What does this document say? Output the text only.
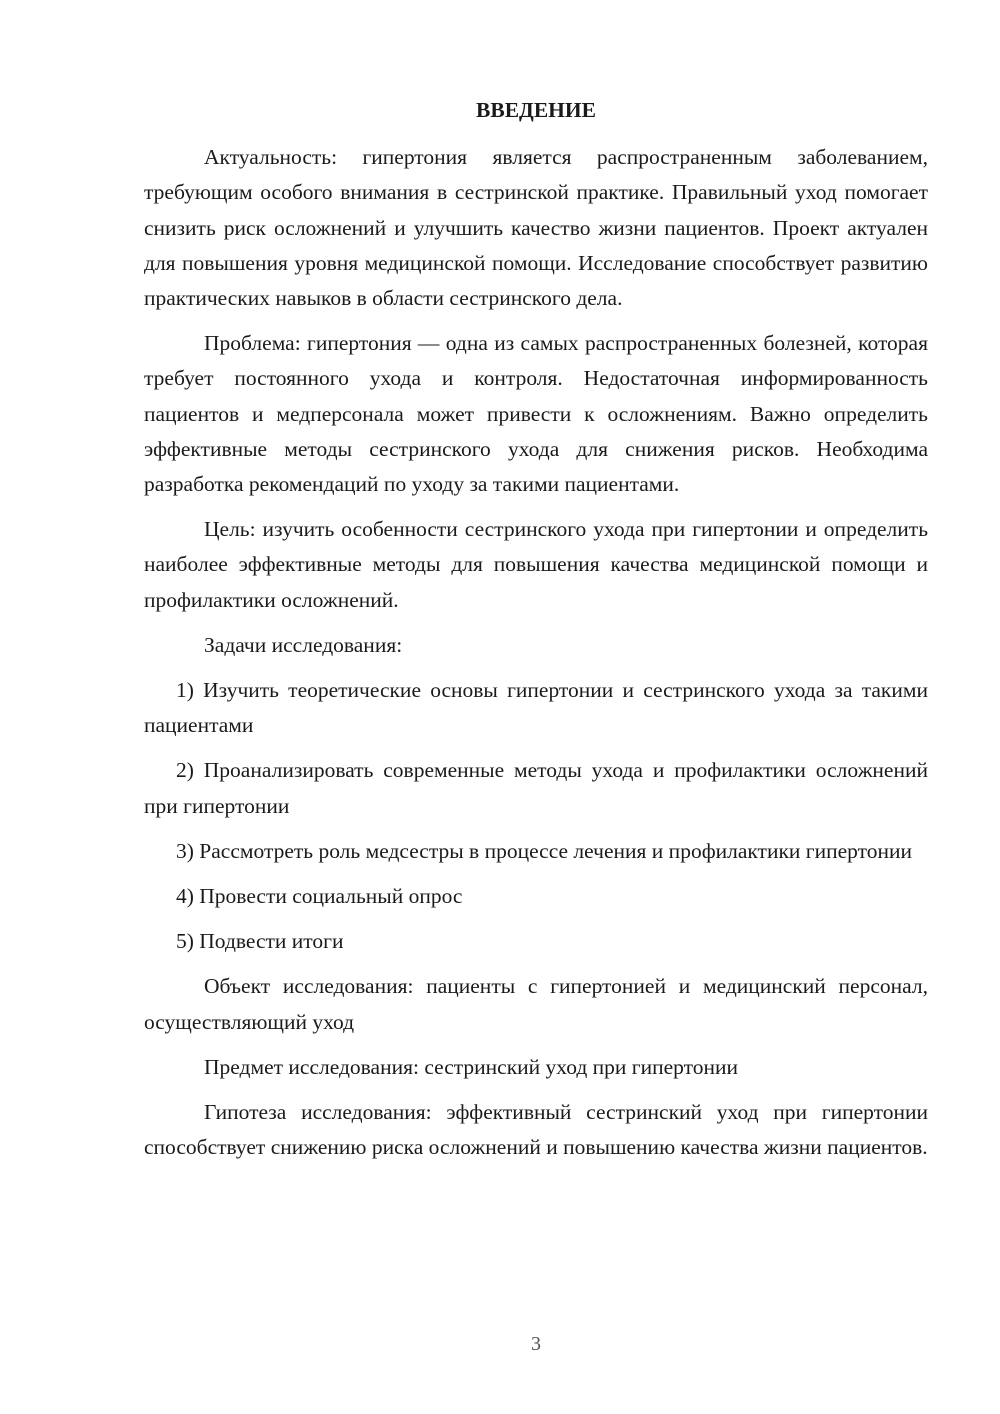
ВВЕДЕНИЕ

Актуальность: гипертония является распространенным заболеванием, требующим особого внимания в сестринской практике. Правильный уход помогает снизить риск осложнений и улучшить качество жизни пациентов. Проект актуален для повышения уровня медицинской помощи. Исследование способствует развитию практических навыков в области сестринского дела.

Проблема: гипертония — одна из самых распространенных болезней, которая требует постоянного ухода и контроля. Недостаточная информированность пациентов и медперсонала может привести к осложнениям. Важно определить эффективные методы сестринского ухода для снижения рисков. Необходима разработка рекомендаций по уходу за такими пациентами.

Цель: изучить особенности сестринского ухода при гипертонии и определить наиболее эффективные методы для повышения качества медицинской помощи и профилактики осложнений.

Задачи исследования:

1) Изучить теоретические основы гипертонии и сестринского ухода за такими пациентами

2) Проанализировать современные методы ухода и профилактики осложнений при гипертонии

3) Рассмотреть роль медсестры в процессе лечения и профилактики гипертонии

4) Провести социальный опрос

5) Подвести итоги

Объект исследования: пациенты с гипертонией и медицинский персонал, осуществляющий уход

Предмет исследования: сестринский уход при гипертонии

Гипотеза исследования: эффективный сестринский уход при гипертонии способствует снижению риска осложнений и повышению качества жизни пациентов.

3
